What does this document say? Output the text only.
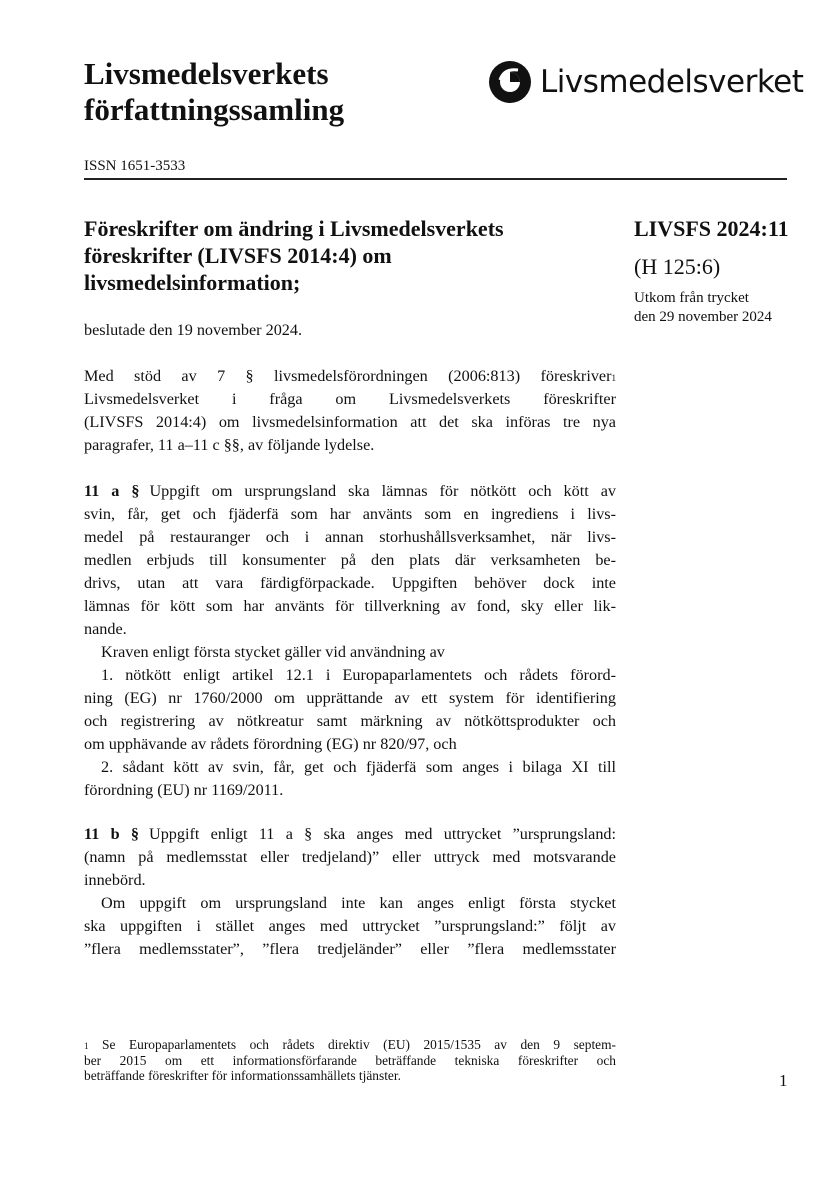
Livsmedelsverkets
författningssamling
Livsmedelsverket
ISSN 1651-3533
Föreskrifter om ändring i Livsmedelsverkets
föreskrifter (LIVSFS 2014:4) om
livsmedelsinformation;
LIVSFS 2024:11
(H 125:6)
Utkom från trycket
den 29 november 2024
beslutade den 19 november 2024.
Med stöd av 7 § livsmedelsförordningen (2006:813) föreskriver$^1$
Livsmedelsverket i fråga om Livsmedelsverkets föreskrifter
(LIVSFS 2014:4) om livsmedelsinformation att det ska införas tre nya
paragrafer, 11 a–11 c §§, av följande lydelse.
11 a § Uppgift om ursprungsland ska lämnas för nötkött och kött av
svin, får, get och fjäderfä som har använts som en ingrediens i livs-
medel på restauranger och i annan storhushållsverksamhet, när livs-
medlen erbjuds till konsumenter på den plats där verksamheten be-
drivs, utan att vara färdigförpackade. Uppgiften behöver dock inte
lämnas för kött som har använts för tillverkning av fond, sky eller lik-
nande.
Kraven enligt första stycket gäller vid användning av
1. nötkött enligt artikel 12.1 i Europaparlamentets och rådets förord-
ning (EG) nr 1760/2000 om upprättande av ett system för identifiering
och registrering av nötkreatur samt märkning av nötköttsprodukter och
om upphävande av rådets förordning (EG) nr 820/97, och
2. sådant kött av svin, får, get och fjäderfä som anges i bilaga XI till
förordning (EU) nr 1169/2011.
11 b § Uppgift enligt 11 a § ska anges med uttrycket ”ursprungsland:
(namn på medlemsstat eller tredjeland)” eller uttryck med motsvarande
innebörd.
Om uppgift om ursprungsland inte kan anges enligt första stycket
ska uppgiften i stället anges med uttrycket ”ursprungsland:” följt av
”flera medlemsstater”, ”flera tredjeländer” eller ”flera medlemsstater
$^1$ Se Europaparlamentets och rådets direktiv (EU) 2015/1535 av den 9 septem-
ber 2015 om ett informationsförfarande beträffande tekniska föreskrifter och
beträffande föreskrifter för informationssamhällets tjänster.	1
